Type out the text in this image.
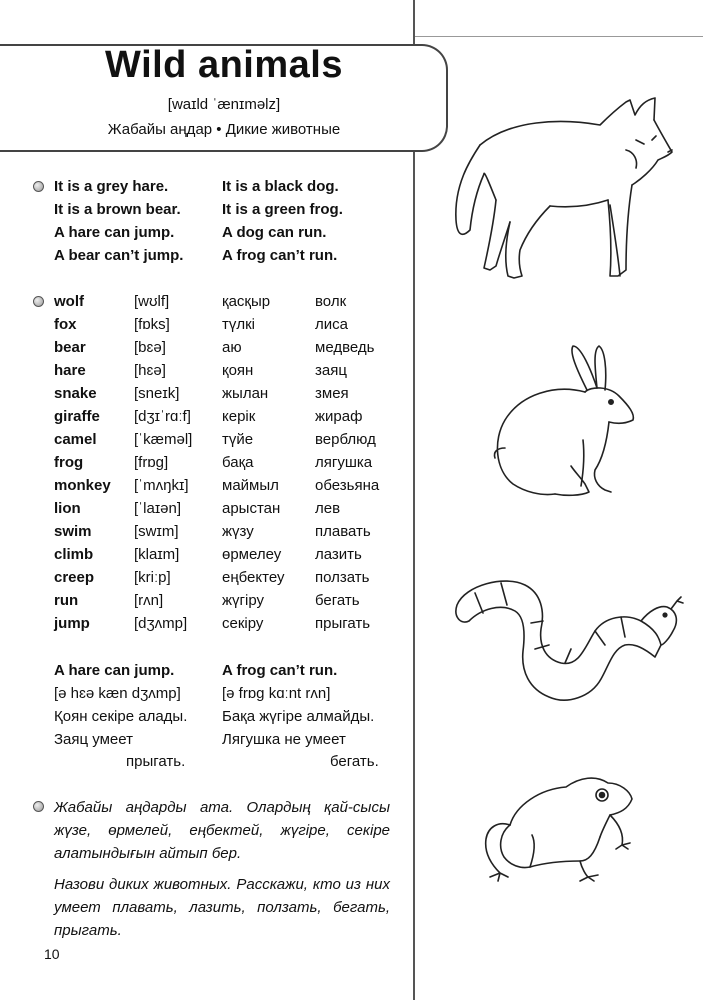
Wild animals
[waɪld ˈænɪməlz]
Жабайы аңдар • Дикие животные
It is a grey hare.
It is a brown bear.
A hare can jump.
A bear can’t jump.
It is a black dog.
It is a green frog.
A dog can run.
A frog can’t run.
wolf	[wʊlf]	қасқыр	волк
fox	[fɒks]	түлкі	лиса
bear	[bɛə]	аю	медведь
hare	[hɛə]	қоян	заяц
snake [sneɪk]	жылан	змея
giraffe [dʒɪˈrɑːf] керік	жираф
camel [ˈkæməl] түйе	верблюд
frog	[frɒg]	бақа	лягушка
monkey [ˈmʌŋkɪ] маймыл обезьяна
lion	[ˈlaɪən]	арыстан лев
swim	[swɪm]	жүзу	плавать
climb	[klaɪm]	өрмелеу лазить
creep	[kriːp]	еңбектеу ползать
run	[rʌn]	жүгіру	бегать
jump	[dʒʌmp] секіру	прыгать
A hare can jump.
[ə hɛə kæn dʒʌmp]
Қоян секіре алады.
Заяц умеет
прыгать.
A frog can’t run.
[ə frɒg kɑːnt rʌn]
Бақа жүгіре алмайды.
Лягушка не умеет
бегать.
Жабайы аңдарды ата. Олардың қай-сысы жүзе, өрмелей, еңбектей, жүгіре, секіре алатындығын айтып бер.
Назови диких животных. Расскажи, кто из них умеет плавать, лазить, ползать, бегать, прыгать.
10
